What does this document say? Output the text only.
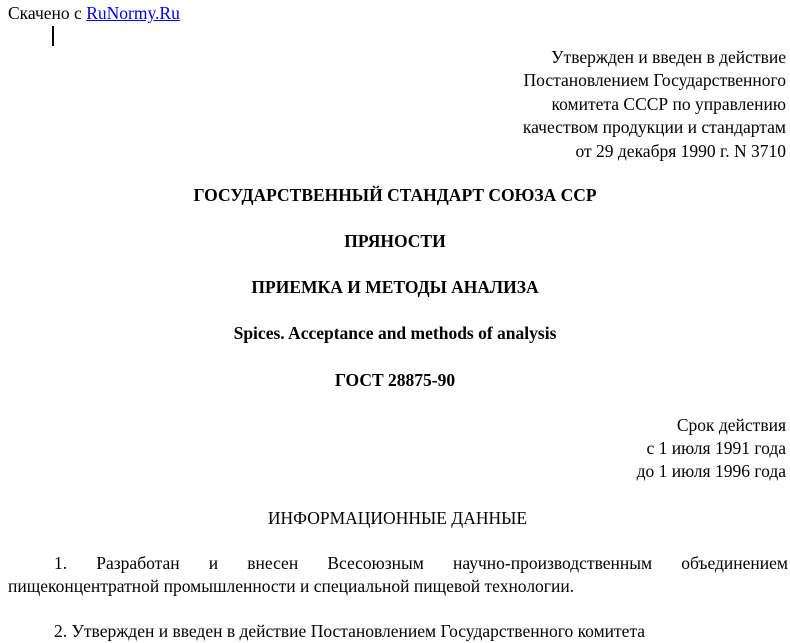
Скачено с RuNormy.Ru
Утвержден и введен в действие
Постановлением Государственного
комитета СССР по управлению
качеством продукции и стандартам
от 29 декабря 1990 г. N 3710
ГОСУДАРСТВЕННЫЙ СТАНДАРТ СОЮЗА ССР
ПРЯНОСТИ
ПРИЕМКА И МЕТОДЫ АНАЛИЗА
Spices. Acceptance and methods of analysis
ГОСТ 28875-90
Срок действия
с 1 июля 1991 года
до 1 июля 1996 года
ИНФОРМАЦИОННЫЕ ДАННЫЕ
1. Разработан и внесен Всесоюзным научно-производственным объединением пищеконцентратной промышленности и специальной пищевой технологии.
2. Утвержден и введен в действие Постановлением Государственного комитета
